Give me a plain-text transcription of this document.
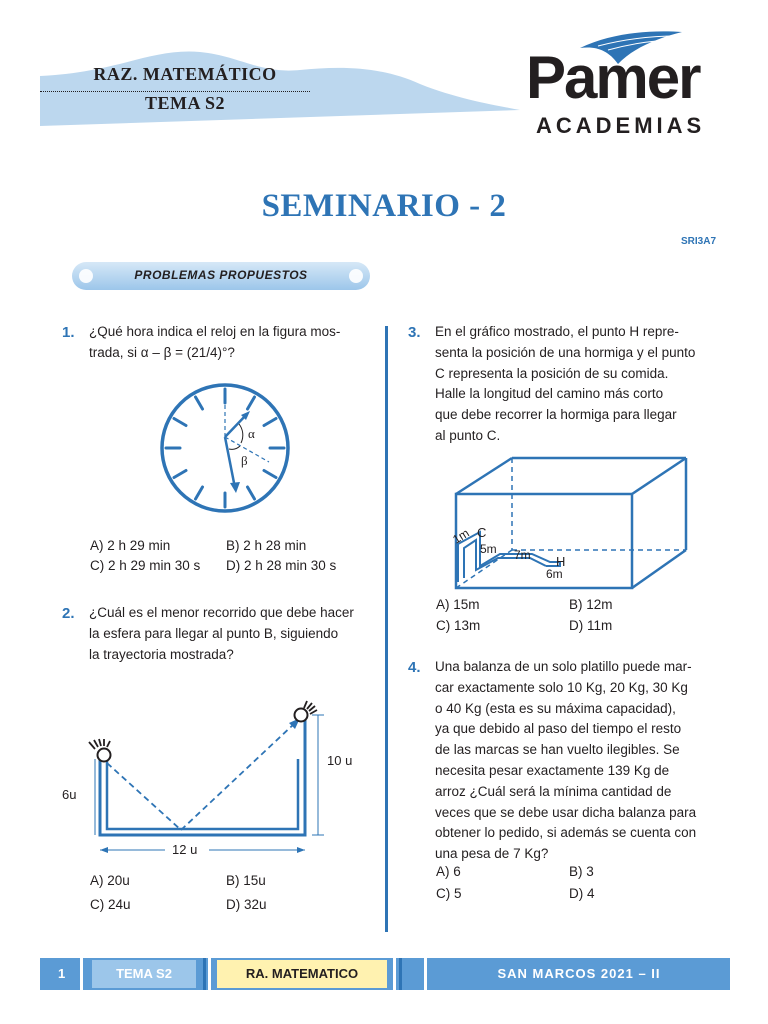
RAZ. MATEMÁTICO
TEMA S2	Pamer
ACADEMIAS
SEMINARIO - 2
SRI3A7
PROBLEMAS PROPUESTOS
1. ¿Qué hora indica el reloj en la figura mos-
trada, si α – β = (21/4)°?
α
β
A) 2 h 29 min	B) 2 h 28 min
C) 2 h 29 min 30 s D) 2 h 28 min 30 s
2. ¿Cuál es el menor recorrido que debe hacer
la esfera para llegar al punto B, siguiendo
la trayectoria mostrada?
10 u
6u
12 u
A) 20u	B) 15u
C) 24u	D) 32u
3. En el gráfico mostrado, el punto H repre-
senta la posición de una hormiga y el punto
C representa la posición de su comida.
Halle la longitud del camino más corto
que debe recorrer la hormiga para llegar
al punto C.
1m C
5m 7m H
6m
A) 15m	B) 12m
C) 13m	D) 11m
4. Una balanza de un solo platillo puede mar-
car exactamente solo 10 Kg, 20 Kg, 30 Kg
o 40 Kg (esta es su máxima capacidad),
ya que debido al paso del tiempo el resto
de las marcas se han vuelto ilegibles. Se
necesita pesar exactamente 139 Kg de
arroz ¿Cuál será la mínima cantidad de
veces que se debe usar dicha balanza para
obtener lo pedido, si además se cuenta con
una pesa de 7 Kg?
A) 6	B) 3
C) 5	D) 4
1	TEMA S2	RA. MATEMATICO	SAN MARCOS 2021 – II
